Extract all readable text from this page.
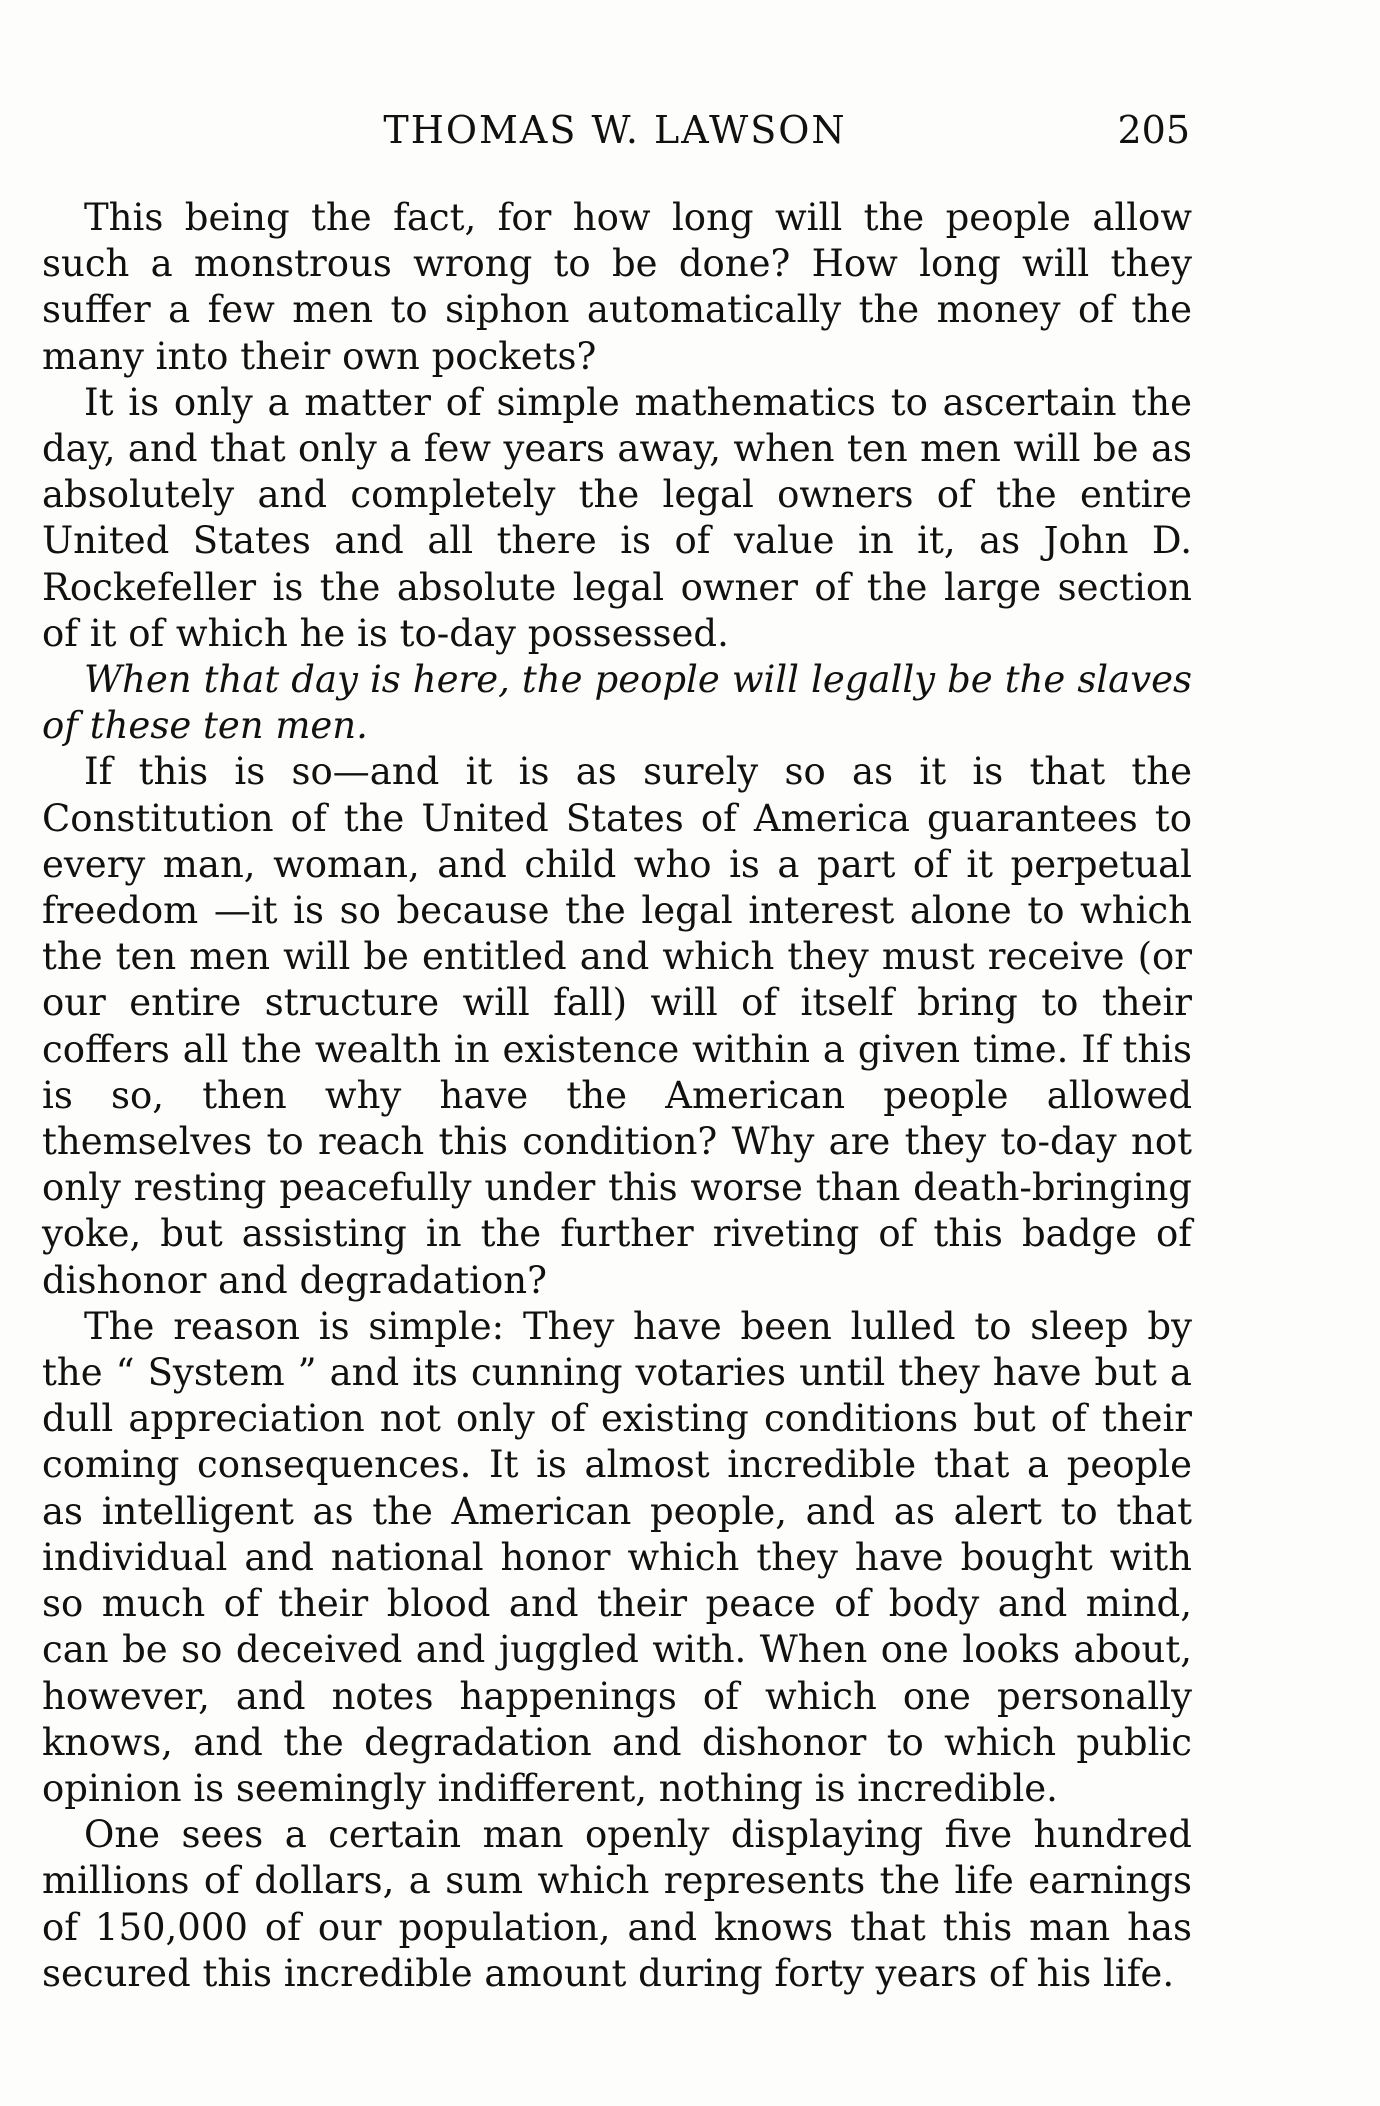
THOMAS W. LAWSON	205

This being the fact, for how long will the people allow such a monstrous wrong to be done? How long will they suffer a few men to siphon automatically the money of the many into their own pockets?

It is only a matter of simple mathematics to ascertain the day, and that only a few years away, when ten men will be as absolutely and completely the legal owners of the entire United States and all there is of value in it, as John D. Rockefeller is the absolute legal owner of the large section of it of which he is to-day possessed.

When that day is here, the people will legally be the slaves of these ten men.

If this is so—and it is as surely so as it is that the Constitution of the United States of America guarantees to every man, woman, and child who is a part of it perpetual freedom —it is so because the legal interest alone to which the ten men will be entitled and which they must receive (or our entire structure will fall) will of itself bring to their coffers all the wealth in existence within a given time. If this is so, then why have the American people allowed themselves to reach this condition? Why are they to-day not only resting peacefully under this worse than death-bringing yoke, but assisting in the further riveting of this badge of dishonor and degradation?

The reason is simple: They have been lulled to sleep by the “ System ” and its cunning votaries until they have but a dull appreciation not only of existing conditions but of their coming consequences. It is almost incredible that a people as intelligent as the American people, and as alert to that individual and national honor which they have bought with so much of their blood and their peace of body and mind, can be so deceived and juggled with. When one looks about, however, and notes happenings of which one personally knows, and the degradation and dishonor to which public opinion is seemingly indifferent, nothing is incredible.

One sees a certain man openly displaying five hundred millions of dollars, a sum which represents the life earnings of 150,000 of our population, and knows that this man has secured this incredible amount during forty years of his life.
